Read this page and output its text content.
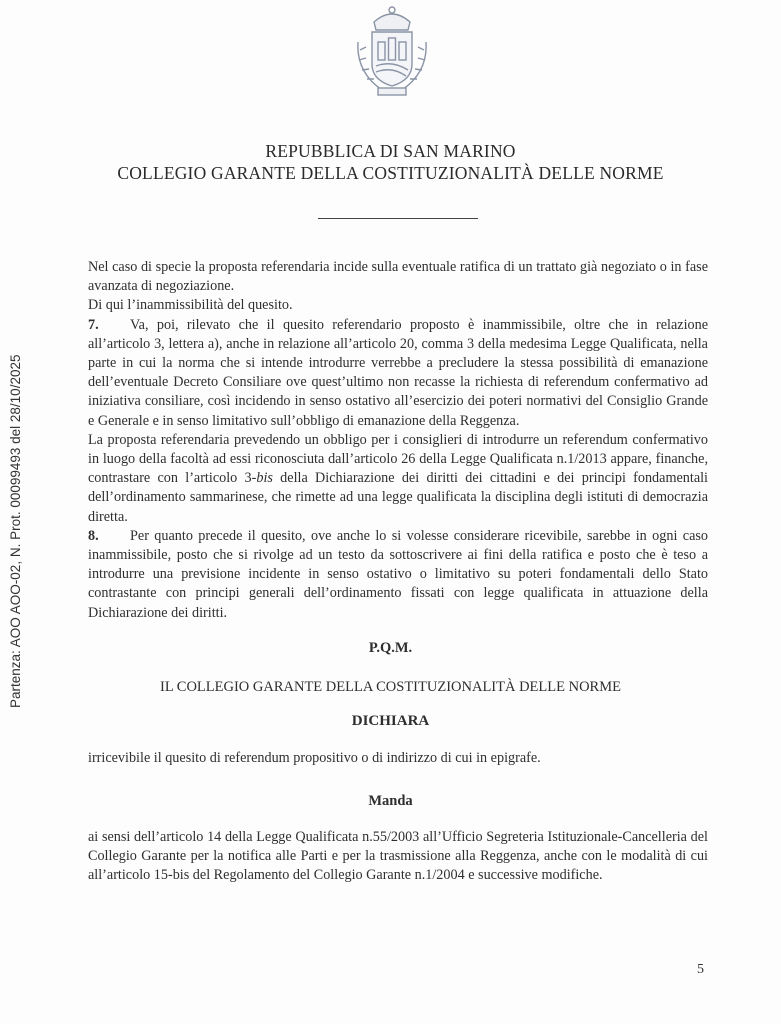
REPUBBLICA DI SAN MARINO
COLLEGIO GARANTE DELLA COSTITUZIONALITÀ DELLE NORME

Nel caso di specie la proposta referendaria incide sulla eventuale ratifica di un trattato già negoziato o in fase avanzata di negoziazione.

Di qui l’inammissibilità del quesito.

7. Va, poi, rilevato che il quesito referendario proposto è inammissibile, oltre che in relazione all’articolo 3, lettera a), anche in relazione all’articolo 20, comma 3 della medesima Legge Qualificata, nella parte in cui la norma che si intende introdurre verrebbe a precludere la stessa possibilità di emanazione dell’eventuale Decreto Consiliare ove quest’ultimo non recasse la richiesta di referendum confermativo ad iniziativa consiliare, così incidendo in senso ostativo all’esercizio dei poteri normativi del Consiglio Grande e Generale e in senso limitativo sull’obbligo di emanazione della Reggenza.

La proposta referendaria prevedendo un obbligo per i consiglieri di introdurre un referendum confermativo in luogo della facoltà ad essi riconosciuta dall’articolo 26 della Legge Qualificata n.1/2013 appare, finanche, contrastare con l’articolo 3-bis della Dichiarazione dei diritti dei cittadini e dei principi fondamentali dell’ordinamento sammarinese, che rimette ad una legge qualificata la disciplina degli istituti di democrazia diretta.

8. Per quanto precede il quesito, ove anche lo si volesse considerare ricevibile, sarebbe in ogni caso inammissibile, posto che si rivolge ad un testo da sottoscrivere ai fini della ratifica e posto che è teso a introdurre una previsione incidente in senso ostativo o limitativo su poteri fondamentali dello Stato contrastante con principi generali dell’ordinamento fissati con legge qualificata in attuazione della Dichiarazione dei diritti.

P.Q.M.
IL COLLEGIO GARANTE DELLA COSTITUZIONALITÀ DELLE NORME
DICHIARA
irricevibile il quesito di referendum propositivo o di indirizzo di cui in epigrafe.
Manda
ai sensi dell’articolo 14 della Legge Qualificata n.55/2003 all’Ufficio Segreteria Istituzionale-Cancelleria del Collegio Garante per la notifica alle Parti e per la trasmissione alla Reggenza, anche con le modalità di cui all’articolo 15-bis del Regolamento del Collegio Garante n.1/2004 e successive modifiche.
Partenza: AOO AOO-02, N. Prot. 00099493 del 28/10/2025
5
